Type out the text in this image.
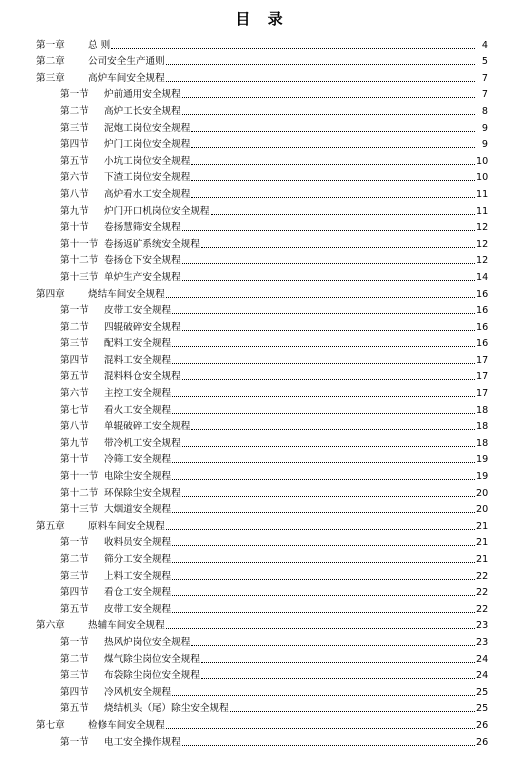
目 录
第一章	总 则	4
第二章	公司安全生产通则	5
第三章	高炉车间安全规程	7
第一节	炉前通用安全规程	7
第二节	高炉工长安全规程	8
第三节	泥炮工岗位安全规程	9
第四节	炉门工岗位安全规程	9
第五节	小坑工岗位安全规程	10
第六节	下渣工岗位安全规程	10
第八节	高炉看水工安全规程	11
第九节	炉门开口机岗位安全规程	11
第十节	卷扬慧筛安全规程	12
第十一节 卷扬返矿系统安全规程	12
第十二节 卷扬仓下安全规程	12
第十三节 单炉生产安全规程	14
第四章	烧结车间安全规程	16
第一节	皮带工安全规程	16
第二节	四辊破碎安全规程	16
第三节	配料工安全规程	16
第四节	混料工安全规程	17
第五节	混料料仓安全规程	17
第六节	主控工安全规程	17
第七节	看火工安全规程	18
第八节	单辊破碎工安全规程	18
第九节	带冷机工安全规程	18
第十节	冷筛工安全规程	19
第十一节 电除尘安全规程	19
第十二节 环保除尘安全规程	20
第十三节 大烟道安全规程	20
第五章	原料车间安全规程	21
第一节	收料员安全规程	21
第二节	筛分工安全规程	21
第三节	上料工安全规程	22
第四节	看仓工安全规程	22
第五节	皮带工安全规程	22
第六章	热辅车间安全规程	23
第一节	热风炉岗位安全规程	23
第二节	煤气除尘岗位安全规程	24
第三节	布袋除尘岗位安全规程	24
第四节	冷风机安全规程	25
第五节	烧结机头（尾）除尘安全规程	25
第七章	检修车间安全规程	26
第一节	电工安全操作规程	26
